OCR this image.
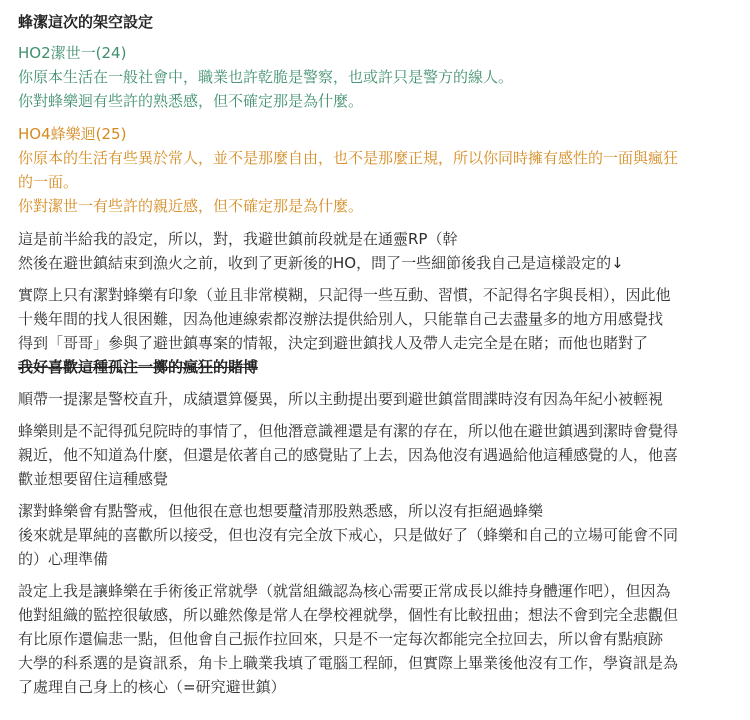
蜂潔這次的架空設定
HO2潔世一(24)
你原本生活在一般社會中，職業也許乾脆是警察，也或許只是警方的線人。
你對蜂樂迴有些許的熟悉感，但不確定那是為什麼。
HO4蜂樂迴(25)
你原本的生活有些異於常人，並不是那麼自由，也不是那麼正規，所以你同時擁有感性的一面與瘋狂
的一面。
你對潔世一有些許的親近感，但不確定那是為什麼。
這是前半給我的設定，所以，對，我避世鎮前段就是在通靈RP（幹
然後在避世鎮結束到漁火之前，收到了更新後的HO，問了一些細節後我自己是這樣設定的↓
實際上只有潔對蜂樂有印象（並且非常模糊，只記得一些互動、習慣，不記得名字與長相），因此他
十幾年間的找人很困難，因為他連線索都沒辦法提供給別人，只能靠自己去盡量多的地方用感覺找
得到「哥哥」參與了避世鎮專案的情報，決定到避世鎮找人及帶人走完全是在賭；而他也賭對了
我好喜歡這種孤注一擲的瘋狂的賭博
順帶一提潔是警校直升，成績還算優異，所以主動提出要到避世鎮當間諜時沒有因為年紀小被輕視
蜂樂則是不記得孤兒院時的事情了，但他潛意識裡還是有潔的存在，所以他在避世鎮遇到潔時會覺得
親近，他不知道為什麼，但還是依著自己的感覺貼了上去，因為他沒有遇過給他這種感覺的人，他喜
歡並想要留住這種感覺
潔對蜂樂會有點警戒，但他很在意也想要釐清那股熟悉感，所以沒有拒絕過蜂樂
後來就是單純的喜歡所以接受，但也沒有完全放下戒心，只是做好了（蜂樂和自己的立場可能會不同
的）心理準備
設定上我是讓蜂樂在手術後正常就學（就當組織認為核心需要正常成長以維持身體運作吧），但因為
他對組織的監控很敏感，所以雖然像是常人在學校裡就學，個性有比較扭曲；想法不會到完全悲觀但
有比原作還偏悲一點，但他會自己振作拉回來，只是不一定每次都能完全拉回去，所以會有點痕跡
大學的科系選的是資訊系，角卡上職業我填了電腦工程師，但實際上畢業後他沒有工作，學資訊是為
了處理自己身上的核心（=研究避世鎮）
